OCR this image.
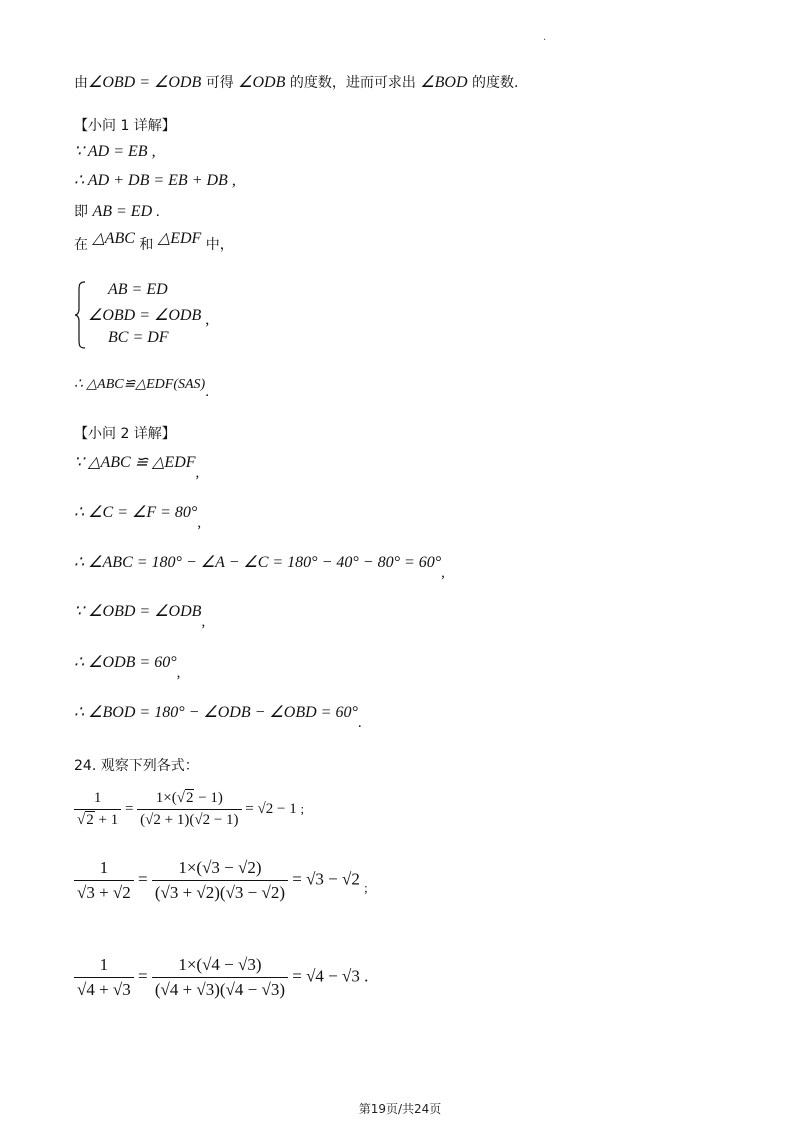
.
由∠OBD = ∠ODB 可得 ∠ODB 的度数，进而可求出 ∠BOD 的度数.
【小问 1 详解】
∵ AD = EB ,
∴ AD + DB = EB + DB ,
即 AB = ED .
在 △ABC 和 △EDF 中，
AB = ED
∠OBD = ∠ODB ,
BC = DF
∴ △ABC≌△EDF(SAS).
【小问 2 详解】
∵ △ABC ≌ △EDF,
∴ ∠C = ∠F = 80°,
∴ ∠ABC = 180° − ∠A − ∠C = 180° − 40° − 80° = 60°,
∵ ∠OBD = ∠ODB,
∴ ∠ODB = 60°,
∴ ∠BOD = 180° − ∠ODB − ∠OBD = 60°.
24. 观察下列各式：
$\frac{1}{√2 + 1} = \frac{1\times(√2 - 1)}{(√2 + 1)(√2 - 1)} = √2 - 1$ ;
$\frac{1}{√3 + √2} = \frac{1\times(√3 - √2)}{(√3 + √2)(√3 - √2)} = √3 - √2$ $_;$
$\frac{1}{√4 + √3} = \frac{1\times(√4 - √3)}{(√4 + √3)(√4 - √3)} = √4 - √3$ .
第19页/共24页
